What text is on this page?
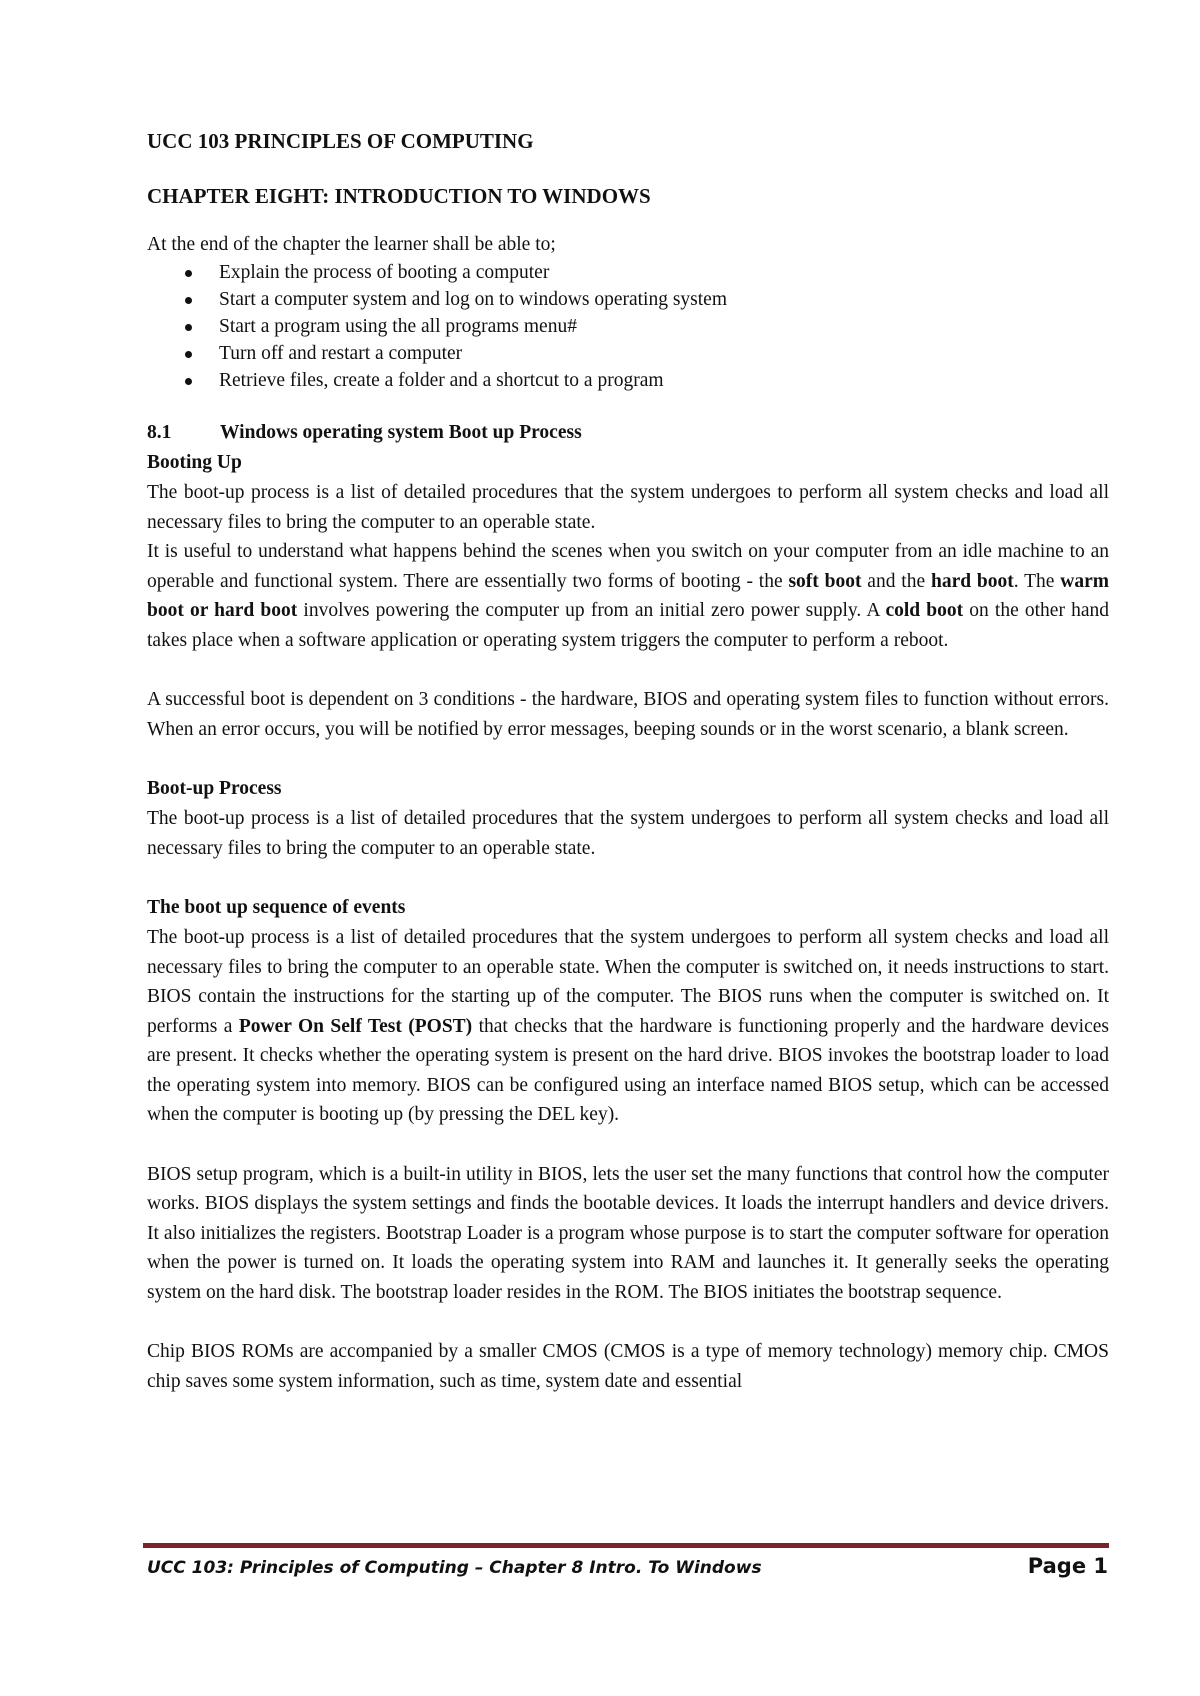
UCC 103 PRINCIPLES OF COMPUTING
CHAPTER EIGHT: INTRODUCTION TO WINDOWS
At the end of the chapter the learner shall be able to;
Explain the process of booting a computer
Start a computer system and log on to windows operating system
Start a program using the all programs menu#
Turn off and restart a computer
Retrieve files, create a folder and a shortcut to a program
8.1 Windows operating system Boot up Process
Booting Up

The boot-up process is a list of detailed procedures that the system undergoes to perform all system checks and load all necessary files to bring the computer to an operable state.

It is useful to understand what happens behind the scenes when you switch on your computer from an idle machine to an operable and functional system. There are essentially two forms of booting - the soft boot and the hard boot. The warm boot or hard boot involves powering the computer up from an initial zero power supply. A cold boot on the other hand takes place when a software application or operating system triggers the computer to perform a reboot.

A successful boot is dependent on 3 conditions - the hardware, BIOS and operating system files to function without errors. When an error occurs, you will be notified by error messages, beeping sounds or in the worst scenario, a blank screen.

Boot-up Process

The boot-up process is a list of detailed procedures that the system undergoes to perform all system checks and load all necessary files to bring the computer to an operable state.

The boot up sequence of events

The boot-up process is a list of detailed procedures that the system undergoes to perform all system checks and load all necessary files to bring the computer to an operable state. When the computer is switched on, it needs instructions to start. BIOS contain the instructions for the starting up of the computer. The BIOS runs when the computer is switched on. It performs a Power On Self Test (POST) that checks that the hardware is functioning properly and the hardware devices are present. It checks whether the operating system is present on the hard drive. BIOS invokes the bootstrap loader to load the operating system into memory. BIOS can be configured using an interface named BIOS setup, which can be accessed when the computer is booting up (by pressing the DEL key).

BIOS setup program, which is a built-in utility in BIOS, lets the user set the many functions that control how the computer works. BIOS displays the system settings and finds the bootable devices. It loads the interrupt handlers and device drivers. It also initializes the registers. Bootstrap Loader is a program whose purpose is to start the computer software for operation when the power is turned on. It loads the operating system into RAM and launches it. It generally seeks the operating system on the hard disk. The bootstrap loader resides in the ROM. The BIOS initiates the bootstrap sequence.

Chip BIOS ROMs are accompanied by a smaller CMOS (CMOS is a type of memory technology) memory chip. CMOS chip saves some system information, such as time, system date and essential

UCC 103: Principles of Computing – Chapter 8 Intro. To Windows	Page 1
